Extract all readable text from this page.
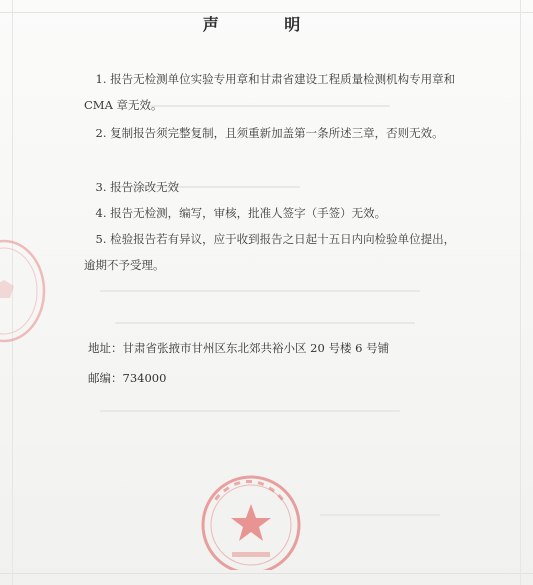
声 明
1. 报告无检测单位实验专用章和甘肃省建设工程质量检测机构专用章和 CMA 章无效。
2. 复制报告须完整复制，且须重新加盖第一条所述三章，否则无效。
3. 报告涂改无效
4. 报告无检测，编写，审核，批准人签字（手签）无效。
5. 检验报告若有异议，应于收到报告之日起十五日内向检验单位提出，逾期不予受理。
地址：甘肃省张掖市甘州区东北郊共裕小区 20 号楼 6 号铺
邮编：734000
